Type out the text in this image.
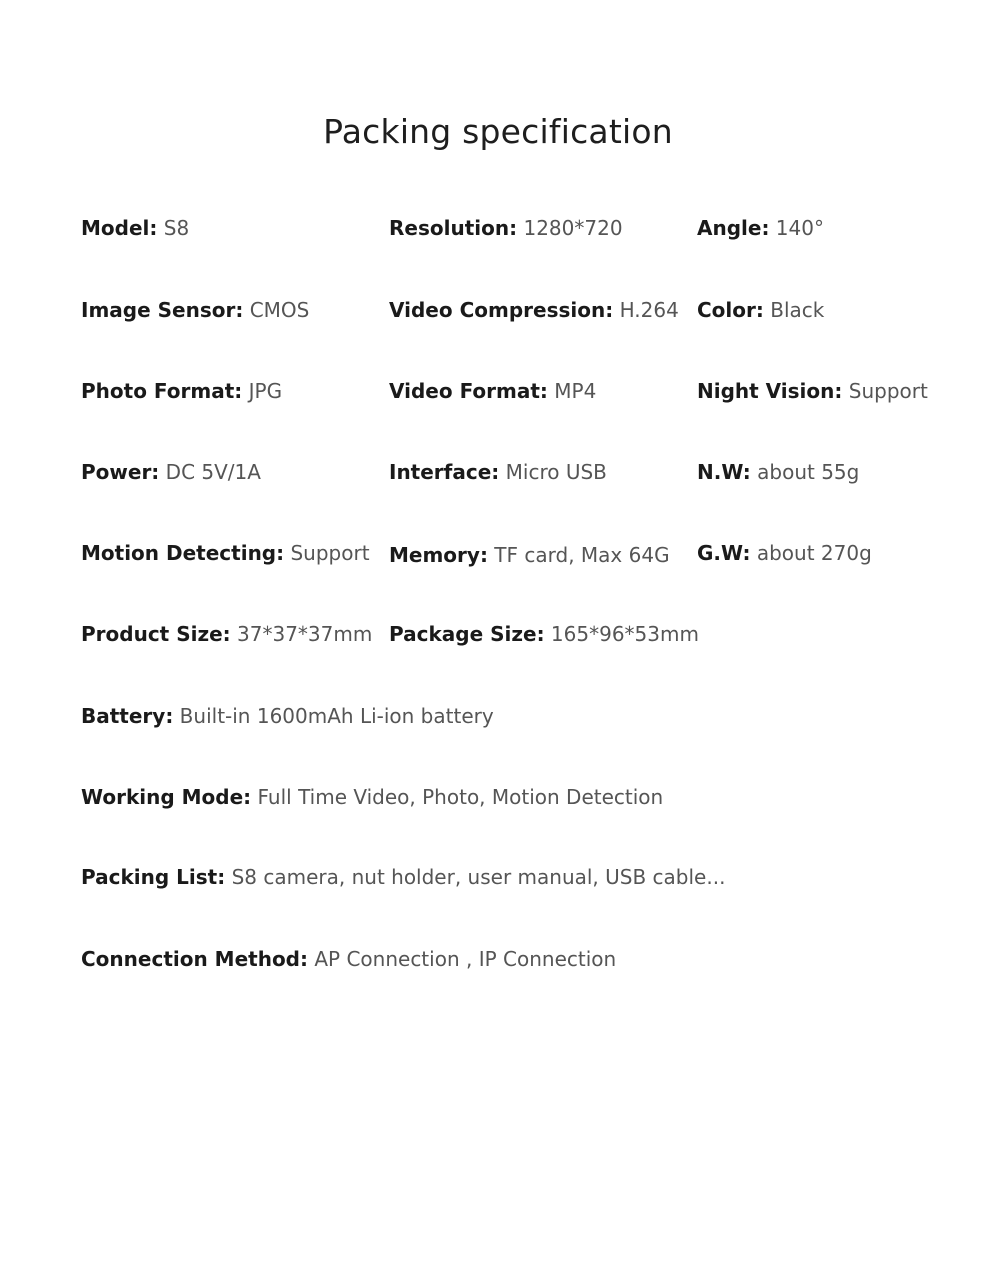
Packing specification
Model: S8	Resolution: 1280*720	Angle: 140°
Image Sensor: CMOS	Video Compression: H.264 Color: Black
Photo Format: JPG	Video Format: MP4	Night Vision: Support
Power: DC 5V/1A	Interface: Micro USB	N.W: about 55g
Motion Detecting: Support Memory: TF card, Max 64G G.W: about 270g
Product Size: 37*37*37mm Package Size: 165*96*53mm
Battery: Built-in 1600mAh Li-ion battery
Working Mode: Full Time Video, Photo, Motion Detection
Packing List: S8 camera, nut holder, user manual, USB cable...
Connection Method: AP Connection , IP Connection
